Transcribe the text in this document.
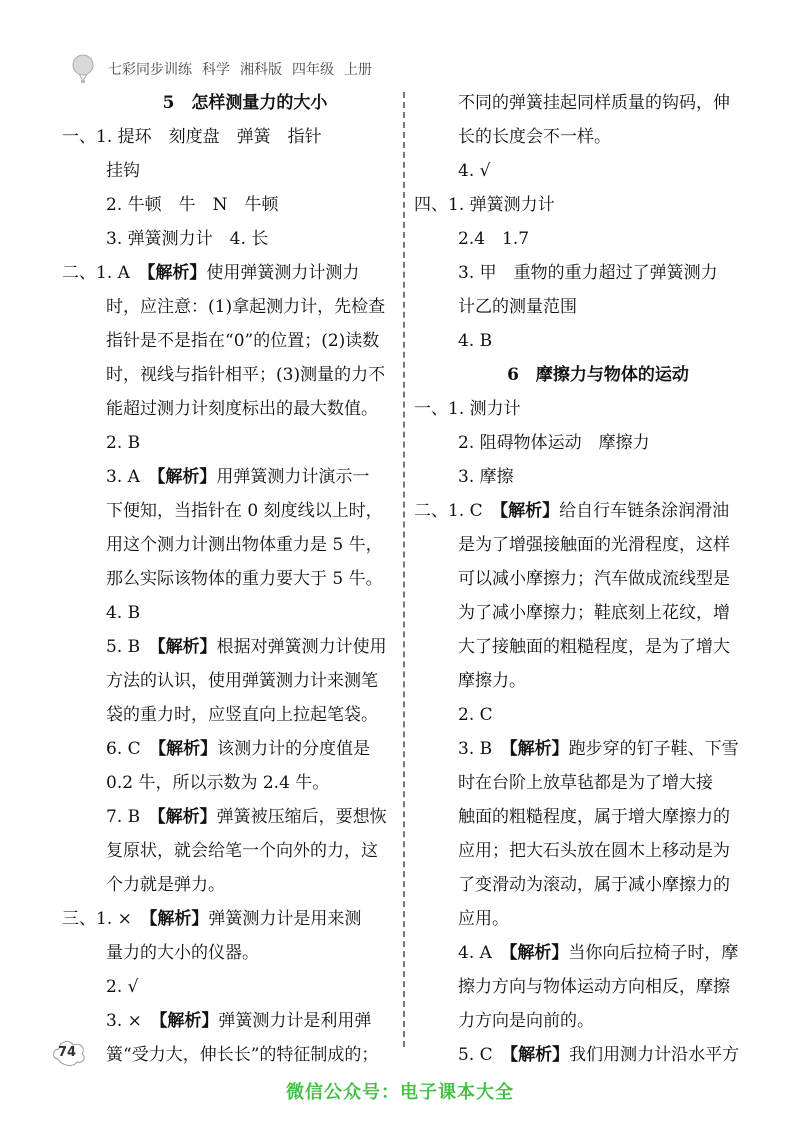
七彩同步训练 科学 湘科版 四年级 上册
5　怎样测量力的大小
一、1. 提环　刻度盘　弹簧　指针
挂钩
2. 牛顿　牛　N　牛顿
3. 弹簧测力计　4. 长
二、1. A　【解析】使用弹簧测力计测力
时，应注意：(1)拿起测力计，先检查
指针是不是指在“0”的位置；(2)读数
时，视线与指针相平；(3)测量的力不
能超过测力计刻度标出的最大数值。
2. B
3. A　【解析】用弹簧测力计演示一
下便知，当指针在 0 刻度线以上时，
用这个测力计测出物体重力是 5 牛，
那么实际该物体的重力要大于 5 牛。
4. B
5. B　【解析】根据对弹簧测力计使用
方法的认识，使用弹簧测力计来测笔
袋的重力时，应竖直向上拉起笔袋。
6. C　【解析】该测力计的分度值是
0.2 牛，所以示数为 2.4 牛。
7. B　【解析】弹簧被压缩后，要想恢
复原状，就会给笔一个向外的力，这
个力就是弹力。
三、1. ×　【解析】弹簧测力计是用来测
量力的大小的仪器。
2. √
3. ×　【解析】弹簧测力计是利用弹
簧“受力大，伸长长”的特征制成的；
不同的弹簧挂起同样质量的钩码，伸
长的长度会不一样。
4. √
四、1. 弹簧测力计
2.4　1.7
3. 甲　重物的重力超过了弹簧测力
计乙的测量范围
4. B
6　摩擦力与物体的运动
一、1. 测力计
2. 阻碍物体运动　摩擦力
3. 摩擦
二、1. C　【解析】给自行车链条涂润滑油
是为了增强接触面的光滑程度，这样
可以减小摩擦力；汽车做成流线型是
为了减小摩擦力；鞋底刻上花纹，增
大了接触面的粗糙程度，是为了增大
摩擦力。
2. C
3. B　【解析】跑步穿的钉子鞋、下雪
时在台阶上放草毡都是为了增大接
触面的粗糙程度，属于增大摩擦力的
应用；把大石头放在圆木上移动是为
了变滑动为滚动，属于减小摩擦力的
应用。
4. A　【解析】当你向后拉椅子时，摩
擦力方向与物体运动方向相反，摩擦
力方向是向前的。
5. C　【解析】我们用测力计沿水平方
74
微信公众号：电子课本大全
